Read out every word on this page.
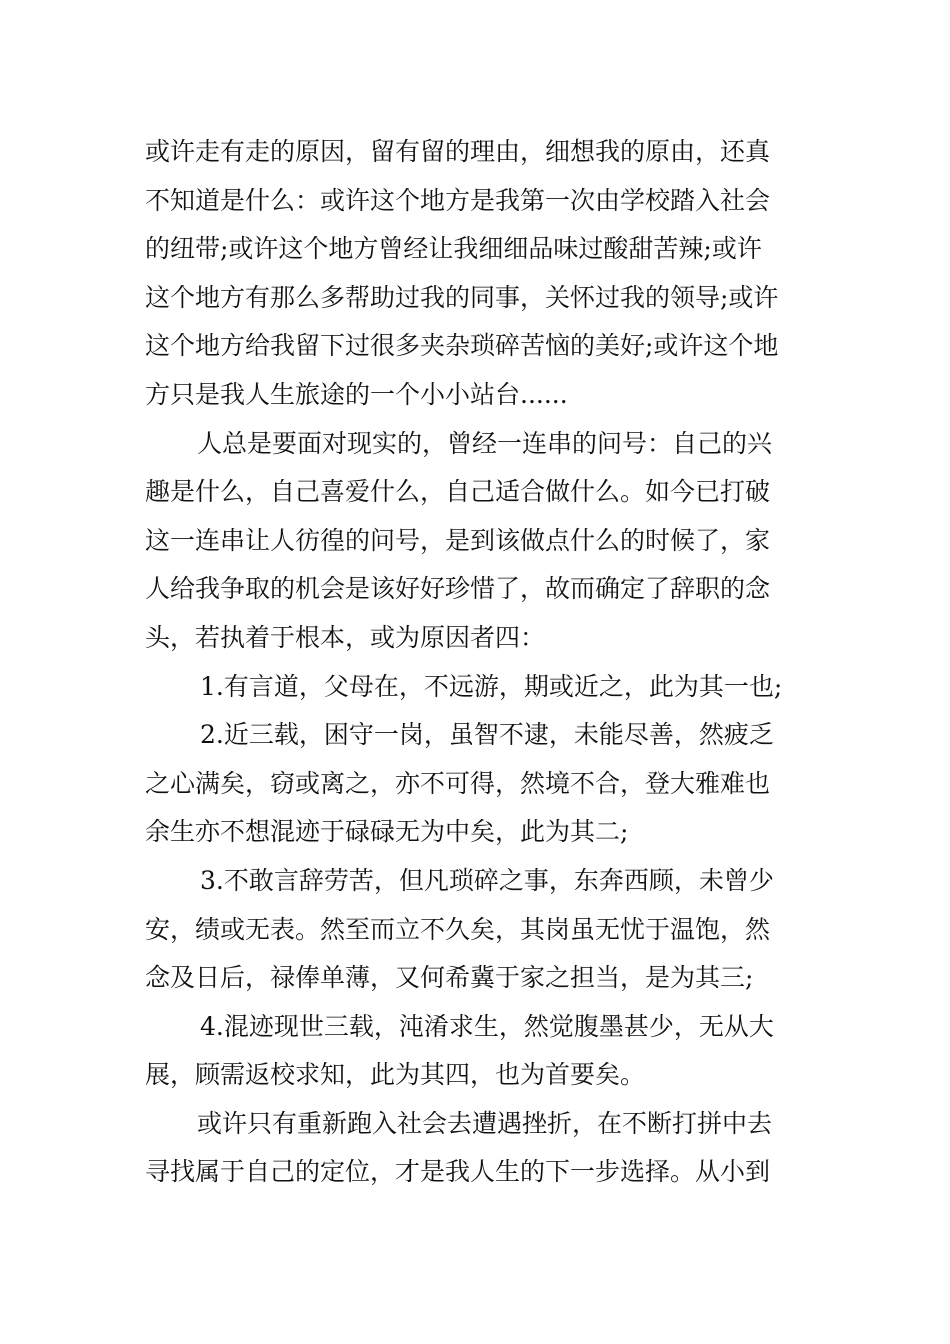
或许走有走的原因，留有留的理由，细想我的原由，还真
不知道是什么：或许这个地方是我第一次由学校踏入社会
的纽带;或许这个地方曾经让我细细品味过酸甜苦辣;或许
这个地方有那么多帮助过我的同事，关怀过我的领导;或许
这个地方给我留下过很多夹杂琐碎苦恼的美好;或许这个地
方只是我人生旅途的一个小小站台......
人总是要面对现实的，曾经一连串的问号：自己的兴
趣是什么，自己喜爱什么，自己适合做什么。如今已打破
这一连串让人彷徨的问号，是到该做点什么的时候了，家
人给我争取的机会是该好好珍惜了，故而确定了辞职的念
头，若执着于根本，或为原因者四：
1.有言道，父母在，不远游，期或近之，此为其一也;
2.近三载，困守一岗，虽智不逮，未能尽善，然疲乏
之心满矣，窃或离之，亦不可得，然境不合，登大雅难也
余生亦不想混迹于碌碌无为中矣，此为其二;
3.不敢言辞劳苦，但凡琐碎之事，东奔西顾，未曾少
安，绩或无表。然至而立不久矣，其岗虽无忧于温饱，然
念及日后，禄俸单薄，又何希冀于家之担当，是为其三;
4.混迹现世三载，沌淆求生，然觉腹墨甚少，无从大
展，顾需返校求知，此为其四，也为首要矣。
或许只有重新跑入社会去遭遇挫折，在不断打拼中去
寻找属于自己的定位，才是我人生的下一步选择。从小到
